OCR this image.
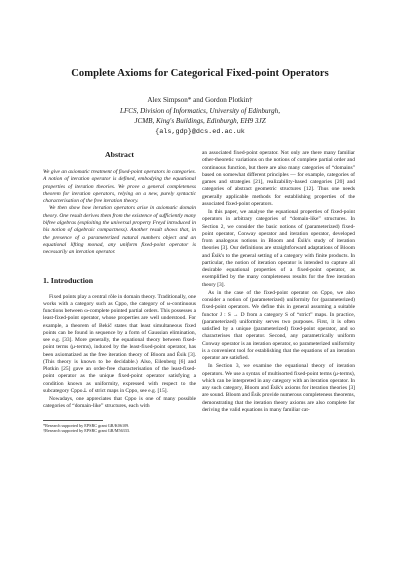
Complete Axioms for Categorical Fixed-point Operators
Alex Simpson* and Gordon Plotkin†
LFCS, Division of Informatics, University of Edinburgh,
JCMB, King's Buildings, Edinburgh, EH9 3JZ
{als,gdp}@dcs.ed.ac.uk
Abstract

We give an axiomatic treatment of fixed-point operators in categories. A notion of iteration operator is defined, embodying the equational properties of iteration theories. We prove a general completeness theorem for iteration operators, relying on a new, purely syntactic characterisation of the free iteration theory.

We then show how iteration operators arise in axiomatic domain theory. One result derives them from the existence of sufficiently many bifree algebras (exploiting the universal property Freyd introduced in his notion of algebraic compactness). Another result shows that, in the presence of a parameterized natural numbers object and an equational lifting monad, any uniform fixed-point operator is necessarily an iteration operator.

1. Introduction

Fixed points play a central rôle in domain theory. Traditionally, one works with a category such as Cppo, the category of ω-continuous functions between ω-complete pointed partial orders. This possesses a least-fixed-point operator, whose properties are well understood. For example, a theorem of Bekič states that least simultaneous fixed points can be found in sequence by a form of Gaussian elimination, see e.g. [33]. More generally, the equational theory between fixed-point terms (μ-terms), induced by the least-fixed-point operator, has been axiomatized as the free iteration theory of Bloom and Ésik [3]. (This theory is known to be decidable.) Also, Eilenberg [6] and Plotkin [25] gave an order-free characterisation of the least-fixed-point operator as the unique fixed-point operator satisfying a condition known as uniformity, expressed with respect to the subcategory Cppo⊥ of strict maps in Cppo, see e.g. [15].

Nowadays, one appreciates that Cppo is one of many possible categories of “domain-like” structures, each with

*Research supported by EPSRC grant GR/K06109.

†Research supported by EPSRC grant GR/M56333.

an associated fixed-point operator. Not only are there many familiar other-theoretic variations on the notions of complete partial order and continuous function, but there are also many categories of “domains” based on somewhat different principles — for example, categories of games and strategies [21], realizability-based categories [20] and categories of abstract geometric structures [12]. Thus one needs generally applicable methods for establishing properties of the associated fixed-point operators.

In this paper, we analyse the equational properties of fixed-point operators in arbitrary categories of “domain-like” structures. In Section 2, we consider the basic notions of (parameterized) fixed-point operator, Conway operator and iteration operator, developed from analogous notions in Bloom and Ésik's study of iteration theories [3]. Our definitions are straightforward adaptations of Bloom and Ésik's to the general setting of a category with finite products. In particular, the notion of iteration operator is intended to capture all desirable equational properties of a fixed-point operator, as exemplified by the many completeness results for the free iteration theory [3].

As in the case of the fixed-point operator on Cppo, we also consider a notion of (parameterized) uniformity for (parameterized) fixed-point operators. We define this in general assuming a suitable functor J : S → D from a category S of “strict” maps. In practice, (parameterized) uniformity serves two purposes. First, it is often satisfied by a unique (parameterized) fixed-point operator, and so characterises that operator. Second, any parametrically uniform Conway operator is an iteration operator, so parameterized uniformity is a convenient tool for establishing that the equations of an iteration operator are satisfied.

In Section 3, we examine the equational theory of iteration operators. We use a syntax of multisorted fixed-point terms (μ-terms), which can be interpreted in any category with an iteration operator. In any such category, Bloom and Ésik's axioms for iteration theories [3] are sound. Bloom and Ésik provide numerous completeness theorems, demonstrating that the iteration theory axioms are also complete for deriving the valid equations in many familiar cat-
